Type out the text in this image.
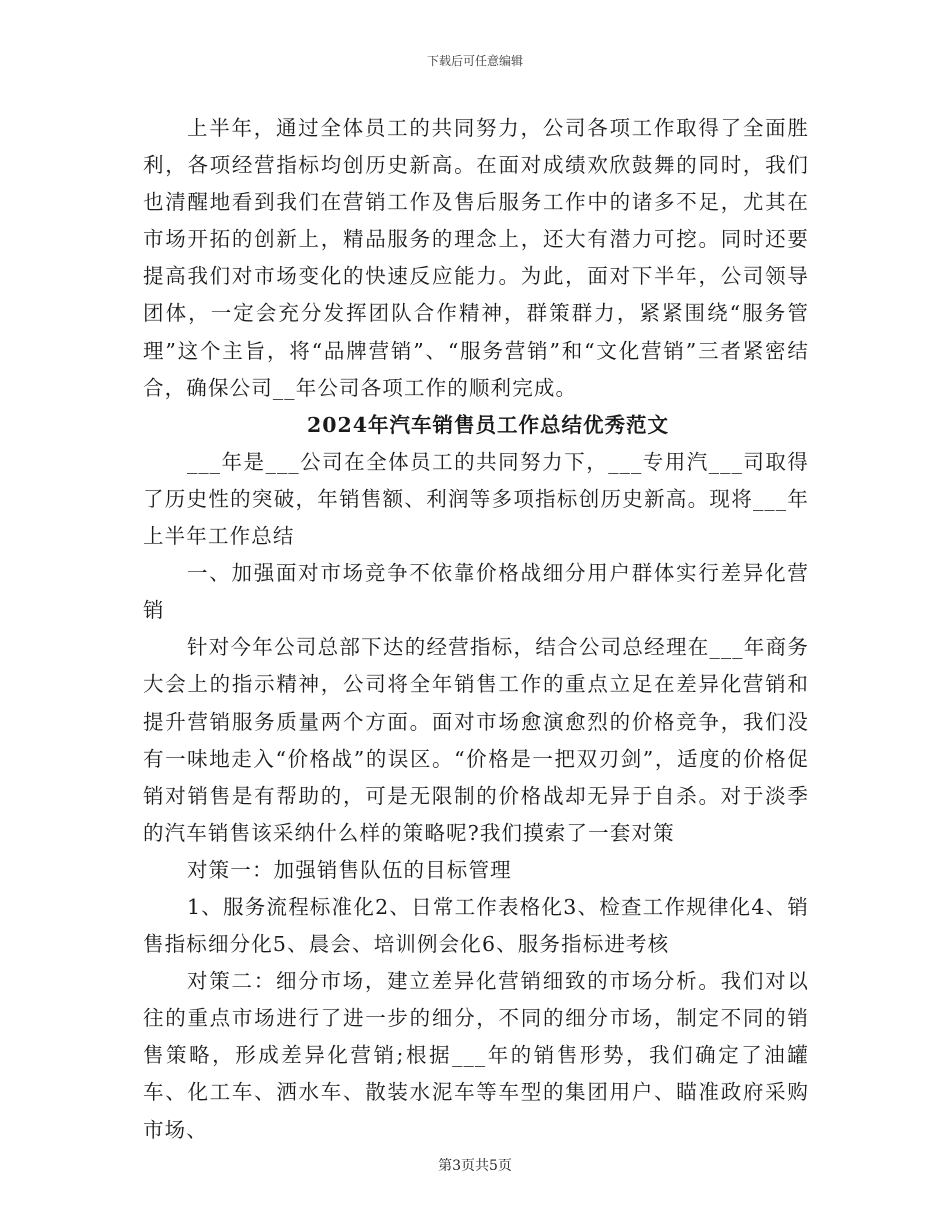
下载后可任意编辑

上半年，通过全体员工的共同努力，公司各项工作取得了全面胜利，各项经营指标均创历史新高。在面对成绩欢欣鼓舞的同时，我们也清醒地看到我们在营销工作及售后服务工作中的诸多不足，尤其在市场开拓的创新上，精品服务的理念上，还大有潜力可挖。同时还要提高我们对市场变化的快速反应能力。为此，面对下半年，公司领导团体，一定会充分发挥团队合作精神，群策群力，紧紧围绕“服务管理”这个主旨，将“品牌营销”、“服务营销”和“文化营销”三者紧密结合，确保公司__年公司各项工作的顺利完成。

2024年汽车销售员工作总结优秀范文

___年是___公司在全体员工的共同努力下，___专用汽___司取得了历史性的突破，年销售额、利润等多项指标创历史新高。现将___年上半年工作总结

一、加强面对市场竞争不依靠价格战细分用户群体实行差异化营销

针对今年公司总部下达的经营指标，结合公司总经理在___年商务大会上的指示精神，公司将全年销售工作的重点立足在差异化营销和提升营销服务质量两个方面。面对市场愈演愈烈的价格竞争，我们没有一味地走入“价格战”的误区。“价格是一把双刃剑”，适度的价格促销对销售是有帮助的，可是无限制的价格战却无异于自杀。对于淡季的汽车销售该采纳什么样的策略呢?我们摸索了一套对策

对策一：加强销售队伍的目标管理

1、服务流程标准化2、日常工作表格化3、检查工作规律化4、销售指标细分化5、晨会、培训例会化6、服务指标进考核

对策二：细分市场，建立差异化营销细致的市场分析。我们对以往的重点市场进行了进一步的细分，不同的细分市场，制定不同的销售策略，形成差异化营销;根据___年的销售形势，我们确定了油罐车、化工车、洒水车、散装水泥车等车型的集团用户、瞄准政府采购市场、

第3页共5页
